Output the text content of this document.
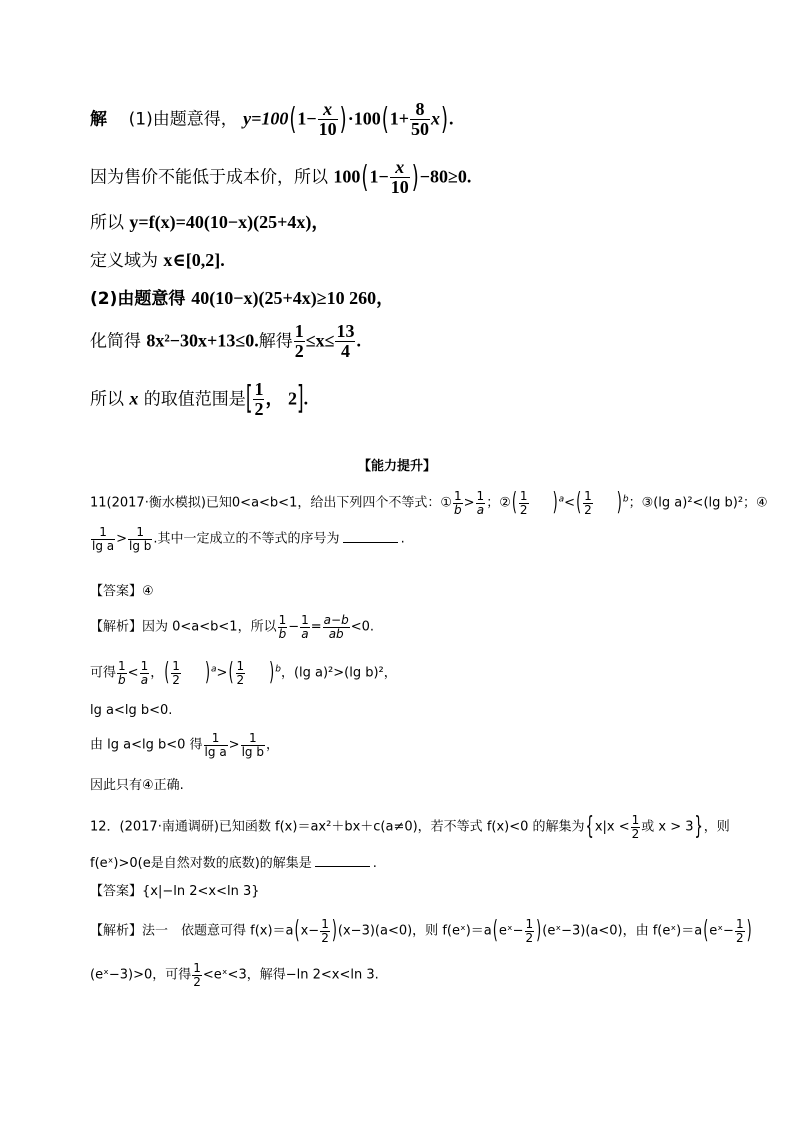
解 (1)由题意得， $y=100(1- \frac{x}{10} )\cdot 100(1+ \frac{8}{50} x)$.
因为售价不能低于成本价，所以 $100(1- \frac{x}{10} )-80\ge 0$.
所以 y=f(x)=40(10−x)(25+4x)，
定义域为 x∈[0,2].
(2)由题意得 40(10−x)(25+4x)≥10 260，
化简得 8x²−30x+13≤0.解得 $\frac{1}{2} \le x\le \frac{13}{4}$ .
所以 x 的取值范围是[ $\frac{1}{2}$ ， 2].
【能力提升】
11(2017·衡水模拟)已知0<a<b<1，给出下列四个不等式：① $\frac{1}{b} > \frac{1}{a}$ ；②( $\frac{1}{2} )^a<( \frac{1}{2} )^b$；③(lg a)²<(lg b)²；④
$\frac{1}{\text{lg a}} > \frac{1}{\text{lg b}}$ .其中一定成立的不等式的序号为	.
【答案】④
【解析】因为 0<a<b<1，所以 $\frac{1}{b} - \frac{1}{a} = \frac{a-b}{ab} <0$.
可得 $\frac{1}{b} < \frac{1}{a}$ ，( $\frac{1}{2} )^a>( \frac{1}{2} )^b$，(lg a)²>(lg b)²，
lg a<lg b<0.
由 lg a<lg b<0 得 $\frac{1}{\text{lg a}} > \frac{1}{\text{lg b}}$ ，
因此只有④正确.
12．(2017·南通调研)已知函数 f(x)＝ax²＋bx＋c(a≠0)，若不等式 f(x)<0 的解集为{$x|x < \frac{1}{2}$ 或 x > 3}，则
f(eˣ)>0(e是自然对数的底数)的解集是	.
【答案】{x|−ln 2<x<ln 3}
【解析】法一　依题意可得 $f(x)=a(x- \frac{1}{2} )(x-3)(a<0)$，则 f(eˣ)＝a(eˣ− $\frac{1}{2}$ )(eˣ−3)(a<0)，由 f(eˣ)＝a(eˣ− $\frac{1}{2}$ )
(eˣ−3)>0，可得 $\frac{1}{2}$ <eˣ<3，解得−ln 2<x<ln 3.
